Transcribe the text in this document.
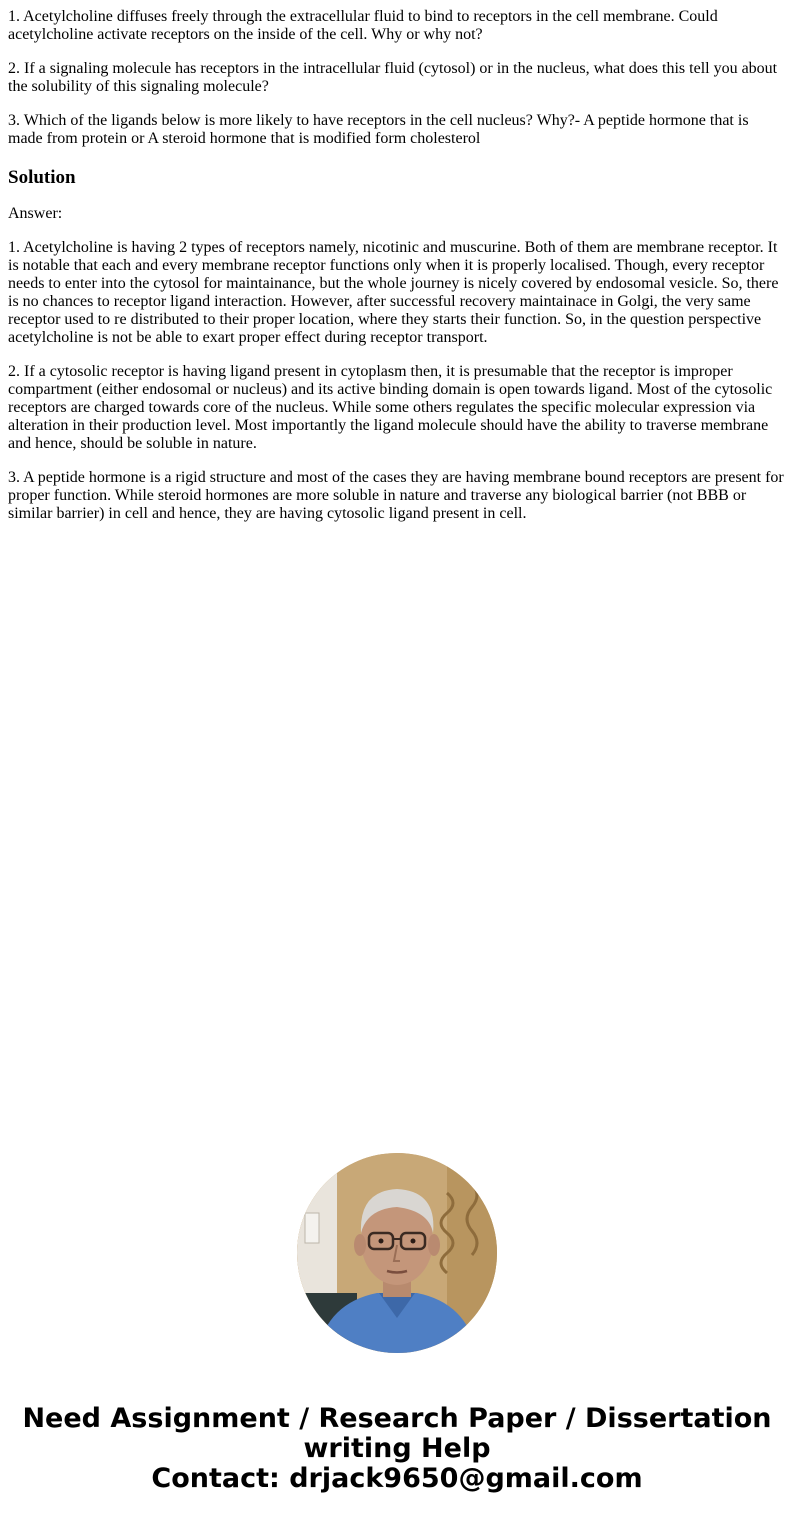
1. Acetylcholine diffuses freely through the extracellular fluid to bind to receptors in the cell membrane. Could acetylcholine activate receptors on the inside of the cell. Why or why not?

2. If a signaling molecule has receptors in the intracellular fluid (cytosol) or in the nucleus, what does this tell you about the solubility of this signaling molecule?

3. Which of the ligands below is more likely to have receptors in the cell nucleus? Why?- A peptide hormone that is made from protein or A steroid hormone that is modified form cholesterol

Solution

Answer:

1. Acetylcholine is having 2 types of receptors namely, nicotinic and muscurine. Both of them are membrane receptor. It is notable that each and every membrane receptor functions only when it is properly localised. Though, every receptor needs to enter into the cytosol for maintainance, but the whole journey is nicely covered by endosomal vesicle. So, there is no chances to receptor ligand interaction. However, after successful recovery maintainace in Golgi, the very same receptor used to re distributed to their proper location, where they starts their function. So, in the question perspective acetylcholine is not be able to exart proper effect during receptor transport.

2. If a cytosolic receptor is having ligand present in cytoplasm then, it is presumable that the receptor is improper compartment (either endosomal or nucleus) and its active binding domain is open towards ligand. Most of the cytosolic receptors are charged towards core of the nucleus. While some others regulates the specific molecular expression via alteration in their production level. Most importantly the ligand molecule should have the ability to traverse membrane and hence, should be soluble in nature.

3. A peptide hormone is a rigid structure and most of the cases they are having membrane bound receptors are present for proper function. While steroid hormones are more soluble in nature and traverse any biological barrier (not BBB or similar barrier) in cell and hence, they are having cytosolic ligand present in cell.

Need Assignment / Research Paper / Dissertation writing Help
Contact: drjack9650@gmail.com
